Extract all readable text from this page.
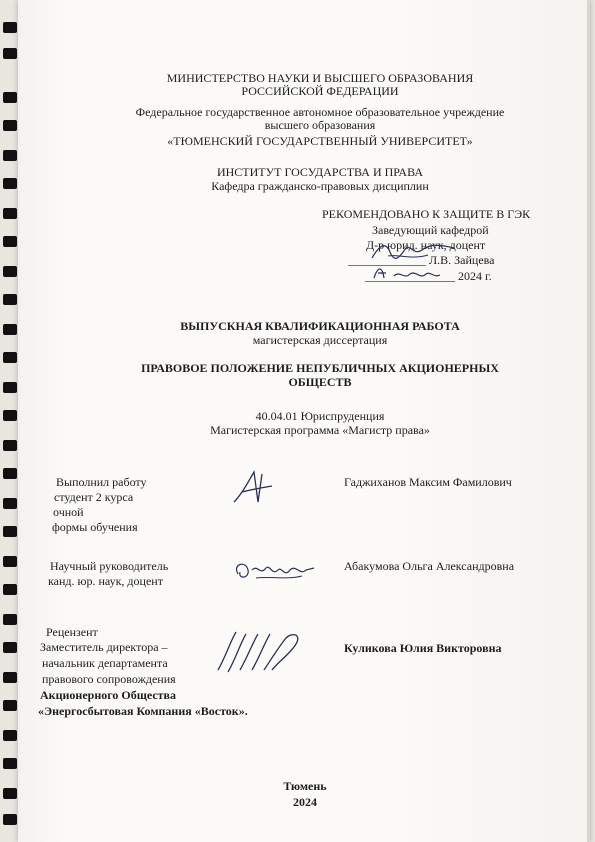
МИНИСТЕРСТВО НАУКИ И ВЫСШЕГО ОБРАЗОВАНИЯ

РОССИЙСКОЙ ФЕДЕРАЦИИ

Федеральное государственное автономное образовательное учреждение

высшего образования

«ТЮМЕНСКИЙ ГОСУДАРСТВЕННЫЙ УНИВЕРСИТЕТ»

ИНСТИТУТ ГОСУДАРСТВА И ПРАВА

Кафедра гражданско-правовых дисциплин

РЕКОМЕНДОВАНО К ЗАЩИТЕ В ГЭК

Заведующий кафедрой

Д-р юрид. наук, доцент

_____________ Л.В. Зайцева

_______________ 2024 г.

ВЫПУСКНАЯ КВАЛИФИКАЦИОННАЯ РАБОТА

магистерская диссертация

ПРАВОВОЕ ПОЛОЖЕНИЕ НЕПУБЛИЧНЫХ АКЦИОНЕРНЫХ

ОБЩЕСТВ

40.04.01 Юриспруденция

Магистерская программа «Магистр права»

Выполнил работу

студент 2 курса

очной

формы обучения

Гаджиханов Максим Фамилович

Научный руководитель

канд. юр. наук, доцент

Абакумова Ольга Александровна

Рецензент

Заместитель директора –

начальник департамента

правового сопровождения

Акционерного Общества

«Энергосбытовая Компания «Восток».

Куликова Юлия Викторовна

Тюмень

2024
